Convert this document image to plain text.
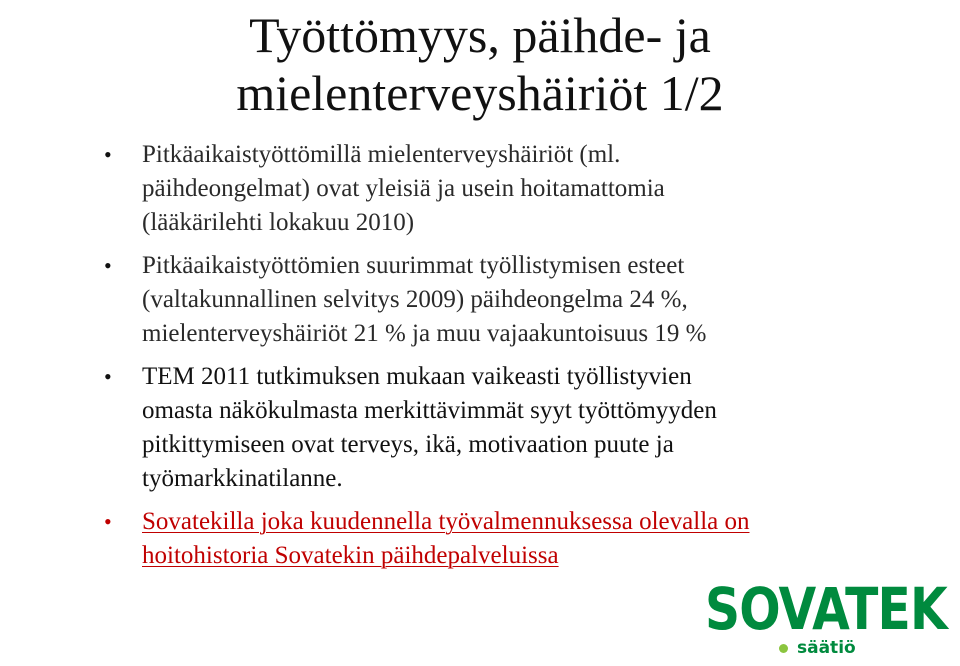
Työttömyys, päihde- ja
mielenterveyshäiriöt 1/2
• Pitkäaikaistyöttömillä mielenterveyshäiriöt (ml.
päihdeongelmat) ovat yleisiä ja usein hoitamattomia
(lääkärilehti lokakuu 2010)
• Pitkäaikaistyöttömien suurimmat työllistymisen esteet
(valtakunnallinen selvitys 2009) päihdeongelma 24 %,
mielenterveyshäiriöt 21 % ja muu vajaakuntoisuus 19 %
• TEM 2011 tutkimuksen mukaan vaikeasti työllistyvien
omasta näkökulmasta merkittävimmät syyt työttömyyden
pitkittymiseen ovat terveys, ikä, motivaation puute ja
työmarkkinatilanne.
• Sovatekilla joka kuudennella työvalmennuksessa olevalla on
hoitohistoria Sovatekin päihdepalveluissa
SOVATEK
säätiö
